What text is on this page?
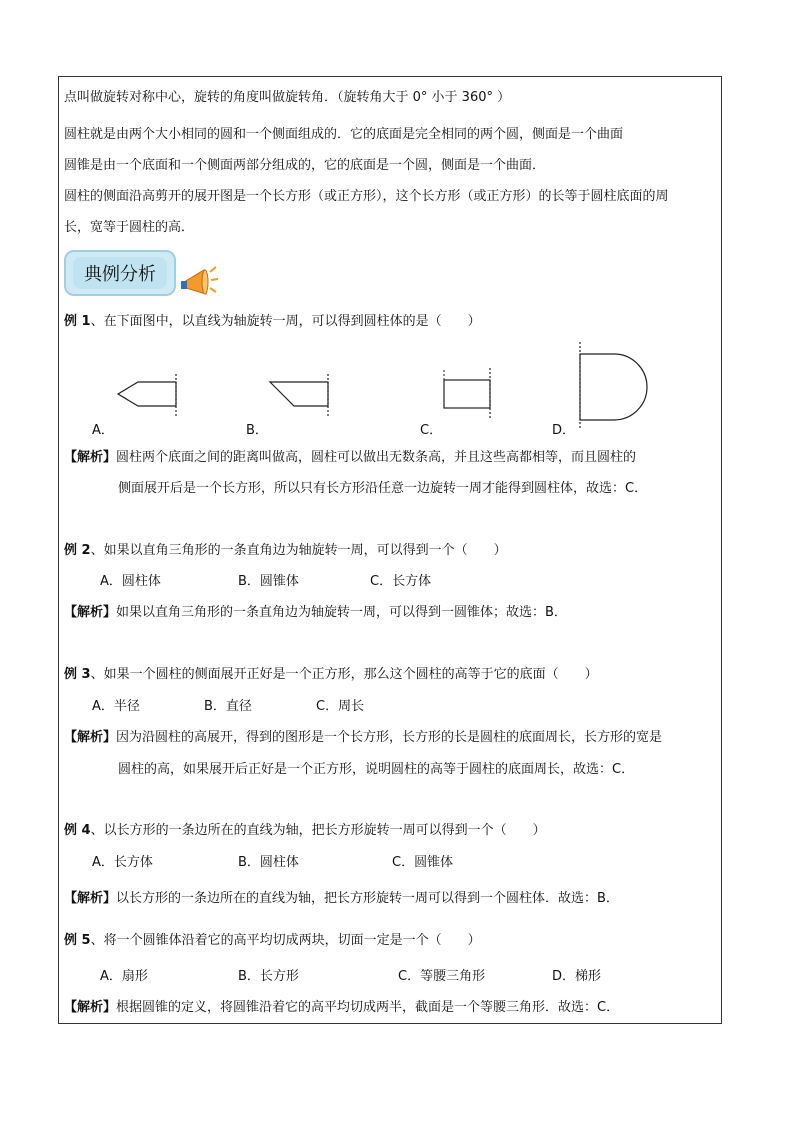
点叫做旋转对称中心，旋转的角度叫做旋转角．（旋转角大于 0° 小于 360° ）
圆柱就是由两个大小相同的圆和一个侧面组成的．它的底面是完全相同的两个圆，侧面是一个曲面
圆锥是由一个底面和一个侧面两部分组成的，它的底面是一个圆，侧面是一个曲面．
圆柱的侧面沿高剪开的展开图是一个长方形（或正方形），这个长方形（或正方形）的长等于圆柱底面的周
长，宽等于圆柱的高．
典例分析
例 1、在下面图中，以直线为轴旋转一周，可以得到圆柱体的是（　　）
A．	B．	C．	D．
【解析】圆柱两个底面之间的距离叫做高，圆柱可以做出无数条高，并且这些高都相等，而且圆柱的
侧面展开后是一个长方形，所以只有长方形沿任意一边旋转一周才能得到圆柱体，故选：C．
例 2、如果以直角三角形的一条直角边为轴旋转一周，可以得到一个（　　）
A．圆柱体	B．圆锥体	C．长方体
【解析】如果以直角三角形的一条直角边为轴旋转一周，可以得到一圆锥体；故选：B．
例 3、如果一个圆柱的侧面展开正好是一个正方形，那么这个圆柱的高等于它的底面（　　）
A．半径	B．直径	C．周长
【解析】因为沿圆柱的高展开，得到的图形是一个长方形，长方形的长是圆柱的底面周长，长方形的宽是
圆柱的高，如果展开后正好是一个正方形，说明圆柱的高等于圆柱的底面周长，故选：C．
例 4、以长方形的一条边所在的直线为轴，把长方形旋转一周可以得到一个（　　）
A．长方体	B．圆柱体	C．圆锥体
【解析】以长方形的一条边所在的直线为轴，把长方形旋转一周可以得到一个圆柱体．故选：B．
例 5、将一个圆锥体沿着它的高平均切成两块，切面一定是一个（　　）
A．扇形	B．长方形	C．等腰三角形	D．梯形
【解析】根据圆锥的定义，将圆锥沿着它的高平均切成两半，截面是一个等腰三角形．故选：C．
